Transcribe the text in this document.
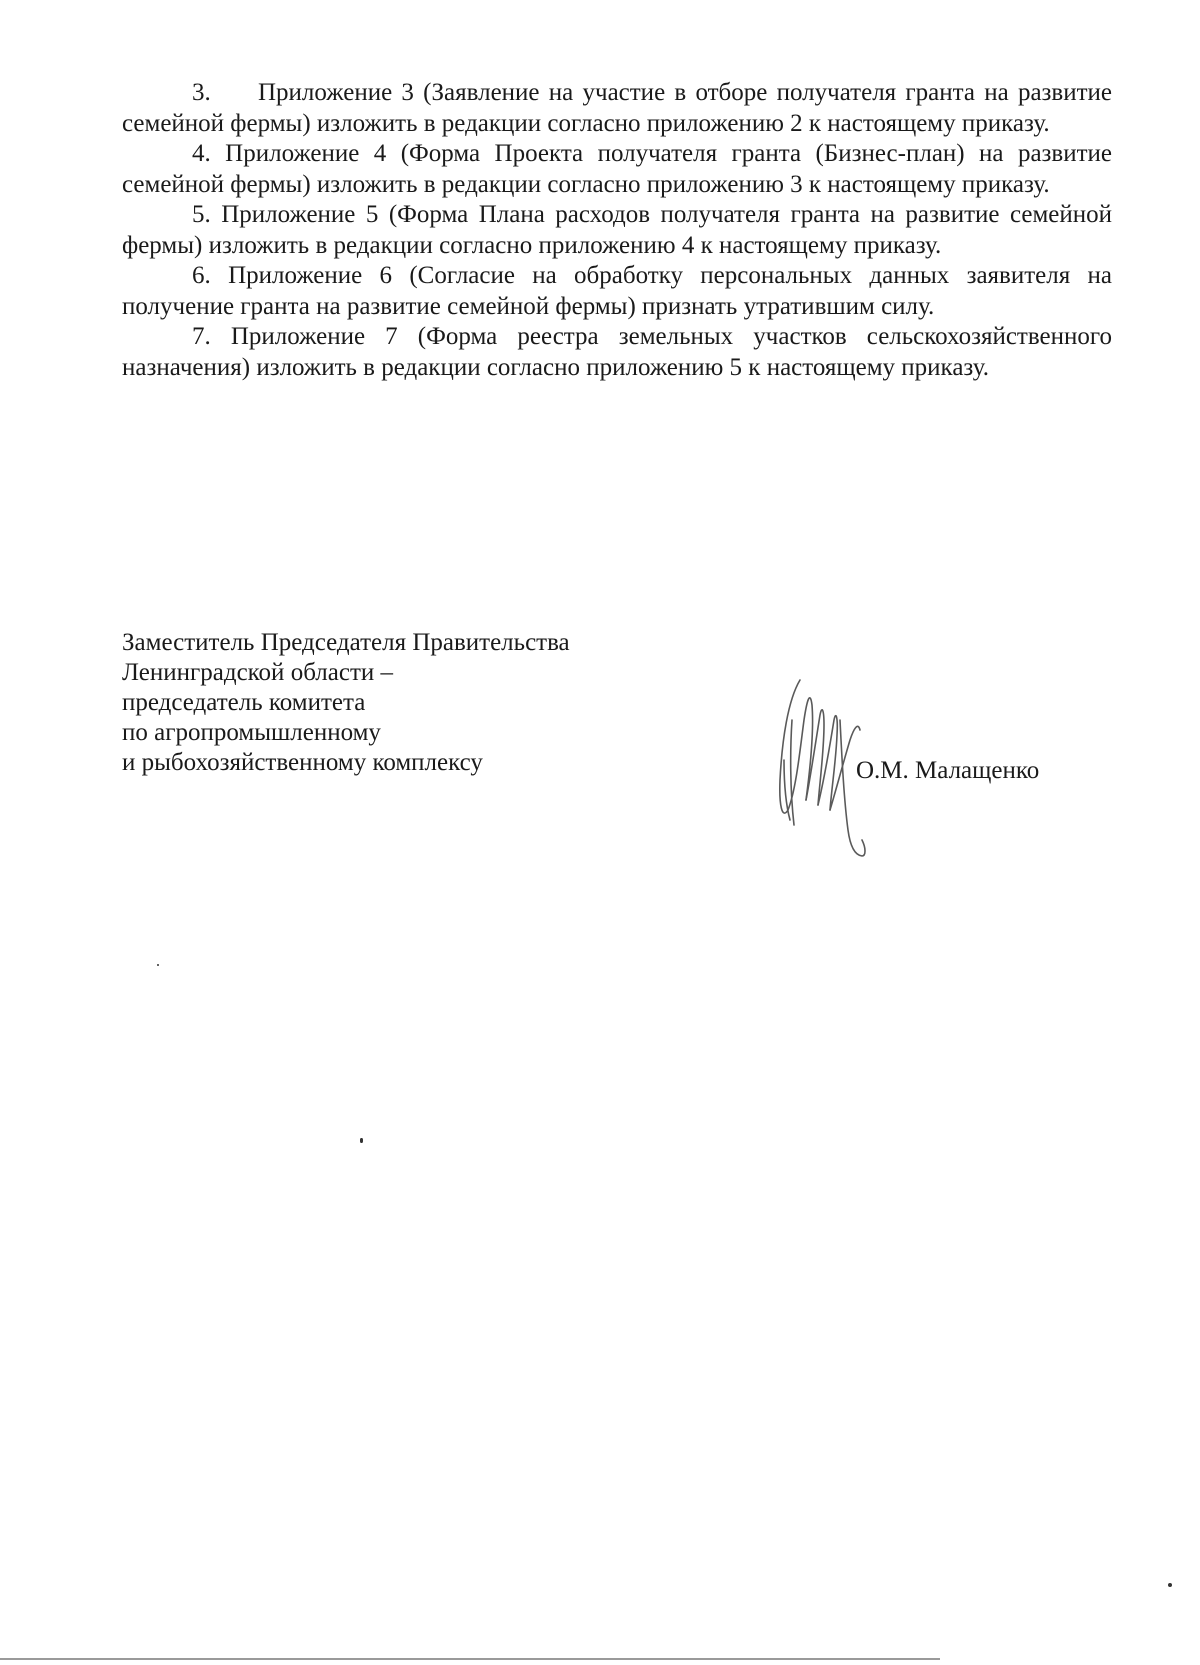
3. Приложение 3 (Заявление на участие в отборе получателя гранта на развитие семейной фермы) изложить в редакции согласно приложению 2 к настоящему приказу.

4. Приложение 4 (Форма Проекта получателя гранта (Бизнес-план) на развитие семейной фермы) изложить в редакции согласно приложению 3 к настоящему приказу.

5. Приложение 5 (Форма Плана расходов получателя гранта на развитие семейной фермы) изложить в редакции согласно приложению 4 к настоящему приказу.

6. Приложение 6 (Согласие на обработку персональных данных заявителя на получение гранта на развитие семейной фермы) признать утратившим силу.

7. Приложение 7 (Форма реестра земельных участков сельскохозяйственного назначения) изложить в редакции согласно приложению 5 к настоящему приказу.

Заместитель Председателя Правительства
Ленинградской области –
председатель комитета
по агропромышленному
и рыбохозяйственному комплексу	О.М. Малащенко
